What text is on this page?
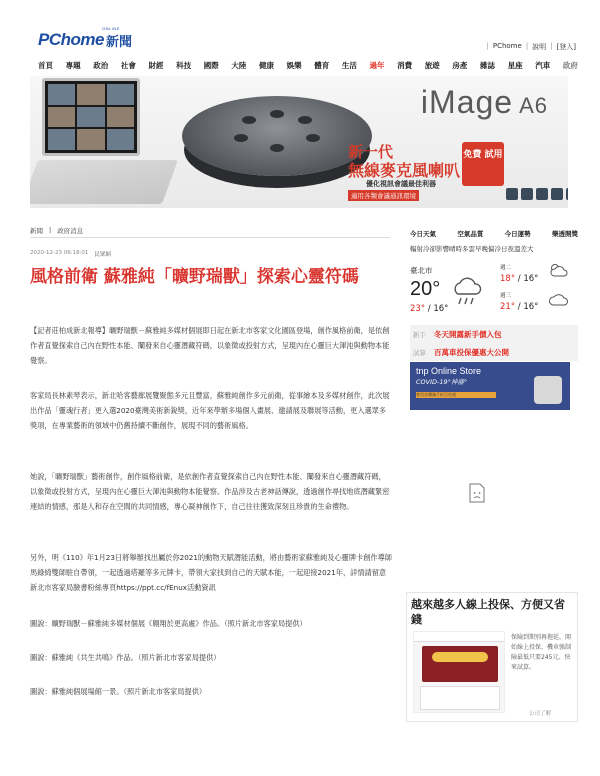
PChome
ONLINE
新聞	| PChome | 說明 | [登入]
首頁 專題 政治 社會 財經 科技 國際 大陸 健康 娛樂 體育 生活 過年 消費 旅遊 房產 雜誌 星座 汽車 政府
iMage A6
新一代
無線麥克風喇叭
優化視訊會議最佳利器
適用各類會議通訊環境
免費 試用
新聞 | 政府消息
2020-12-23 06:18:01 民眾網
風格前衛 蘇雅純「曠野瑞獸」探索心靈符碼

【記者莊柏成新北報導】曠野瑞獸－蘇雅純多媒材個展即日起在新北市客家文化園區登場，創作風格前衛，是依創作者直覺探索自己內在野性本能、闡發來自心靈潛藏符碼，以象徵或投射方式，呈現內在心靈巨大渾沌與動物本能覺察。

客家局長林素琴表示，新北哈客藝廊展覽聚態多元且豐富，蘇雅純創作多元前衛，從事繪本及多媒材創作，此次展出作品「靈魂行者」更入選2020臺灣美術新銳獎，近年來學辦多場個人畫展、邀請展及聯展等活動，更入選眾多獎項，在專業藝術的領域中仍舊持續不斷創作，展現不同的藝術風格。

她說，「曠野瑞獸」藝術創作，創作風格前衛，是依創作者直覺探索自己內在野性本能、闡發來自心靈潛藏符碼，以象徵或投射方式，呈現內在心靈巨大渾沌與動物本能覺察。作品涉及古老神話傳說，透過創作尋找地底潛藏緊密連結的情感，那是人和存在空間的共同情感，專心凝神創作下，自己往往獲致深刻且珍貴的生命禮物。

另外，明《110》年1月23日將舉辦找出屬於你2021的動物天賦潛能活動，將由藝術家蘇雅純及心靈牌卡創作導師馬綠綺雙師駐自帶領，一起透過塔羅等多元牌卡，帶領大家找到自己的天賦本能，一起迎接2021年，詳情請留意新北市客家局臉書粉絲專頁https://ppt.cc/fEnux活動資訊

圖說：曠野瑞獸－蘇雅純多媒材個展《翱翔於更高處》作品。（照片新北市客家局提供）

圖說：蘇雅純《共生共鳴》作品。（照片新北市客家局提供）

圖說：蘇雅純個展場館一景。（照片新北市客家局提供）

今日天氣	空氣品質	今日運勢	樂透開獎
輻射冷卻影響晴時多雲早晚偏冷日夜溫差大
臺北市
20°
23° / 16°
週二
18° / 16°
週三
21° / 16°
新手 冬天開露新手價入包
試算 百萬車投保優惠大公開
tnp Online Store
COVID-19°神器°
會員首購滿千折百免運
越來越多人線上投保、方便又省錢
保險到期別再拖延，開始線上投保、機車強制險最低只要245元、快來試算。
公司了解
